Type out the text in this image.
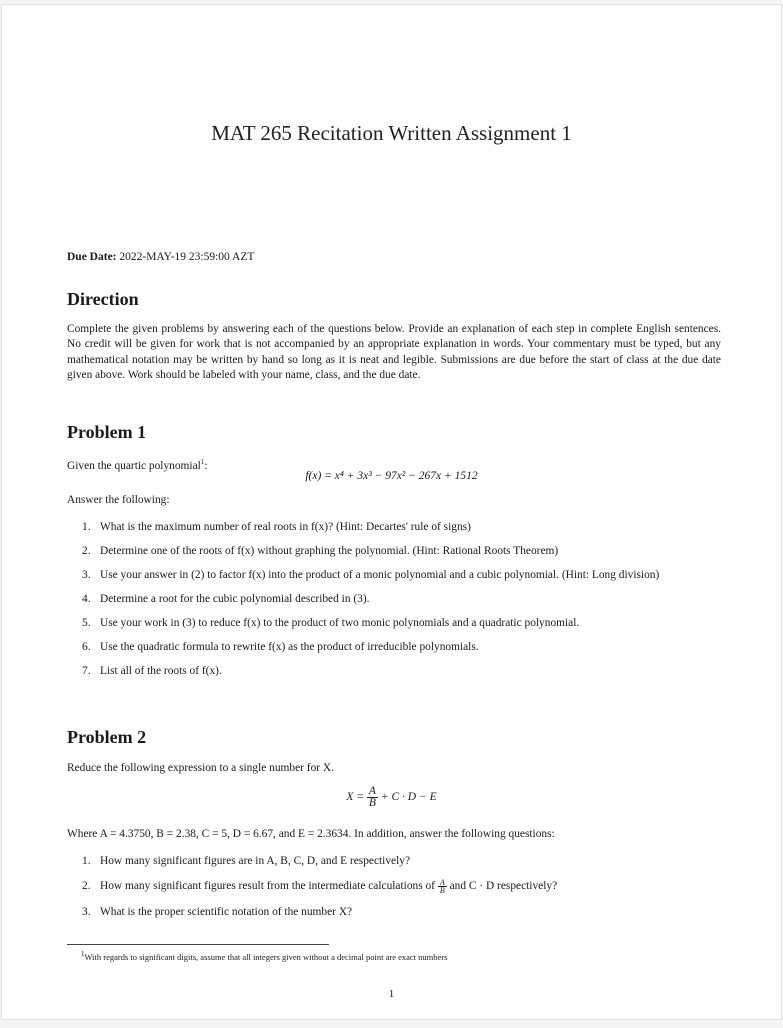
MAT 265 Recitation Written Assignment 1
Due Date: 2022-MAY-19 23:59:00 AZT
Direction

Complete the given problems by answering each of the questions below. Provide an explanation of each step in complete English sentences. No credit will be given for work that is not accompanied by an appropriate explanation in words. Your commentary must be typed, but any mathematical notation may be written by hand so long as it is neat and legible. Submissions are due before the start of class at the due date given above. Work should be labeled with your name, class, and the due date.

Problem 1
Given the quartic polynomial$^1$:
f(x) = x⁴ + 3x³ − 97x² − 267x + 1512
Answer the following:
1. What is the maximum number of real roots in f(x)? (Hint: Decartes' rule of signs)
2. Determine one of the roots of f(x) without graphing the polynomial. (Hint: Rational Roots Theorem)
3. Use your answer in (2) to factor f(x) into the product of a monic polynomial and a cubic polynomial. (Hint: Long division)
4. Determine a root for the cubic polynomial described in (3).
5. Use your work in (3) to reduce f(x) to the product of two monic polynomials and a quadratic polynomial.
6. Use the quadratic formula to rewrite f(x) as the product of irreducible polynomials.
7. List all of the roots of f(x).
Problem 2
Reduce the following expression to a single number for X.
$X = \frac{A}{B} + C \cdot D - E$
Where A = 4.3750, B = 2.38, C = 5, D = 6.67, and E = 2.3634. In addition, answer the following questions:
1. How many significant figures are in A, B, C, D, and E respectively?
2. How many significant figures result from the intermediate calculations of $\frac{A}{B}$ and C · D respectively?
3. What is the proper scientific notation of the number X?
$^1$With regards to significant digits, assume that all integers given without a decimal point are exact numbers
1
